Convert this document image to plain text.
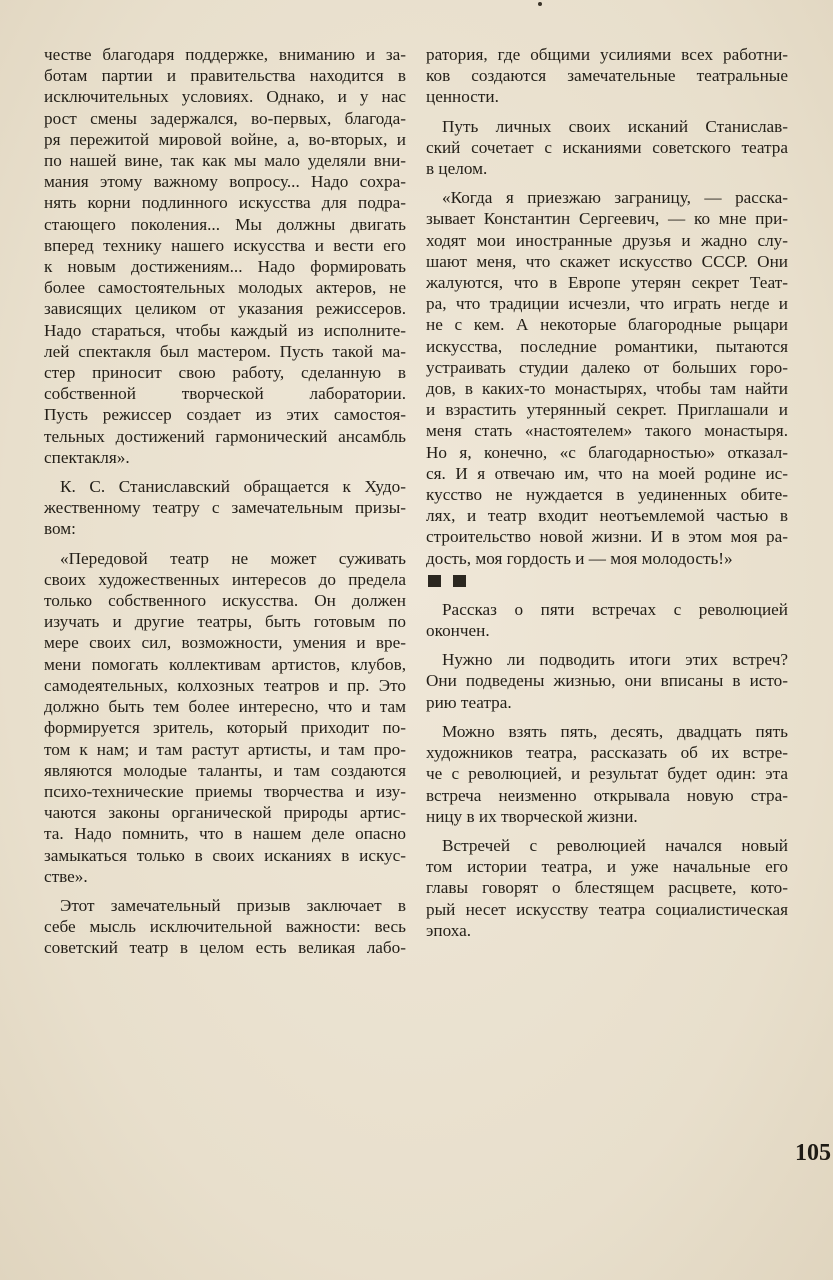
честве благодаря поддержке, вниманию и за-
ботам партии и правительства находится в
исключительных условиях. Однако, и у нас
рост смены задержался, во-первых, благода-
ря пережитой мировой войне, а, во-вторых, и
по нашей вине, так как мы мало уделяли вни-
мания этому важному вопросу... Надо сохра-
нять корни подлинного искусства для подра-
стающего поколения... Мы должны двигать
вперед технику нашего искусства и вести его
к новым достижениям... Надо формировать
более самостоятельных молодых актеров, не
зависящих целиком от указания режиссеров.
Надо стараться, чтобы каждый из исполните-
лей спектакля был мастером. Пусть такой ма-
стер приносит свою работу, сделанную в
собственной творческой лаборатории.
Пусть режиссер создает из этих самостоя-
тельных достижений гармонический ансамбль
спектакля».
К. С. Станиславский обращается к Худо-
жественному театру с замечательным призы-
вом:
«Передовой театр не может суживать
своих художественных интересов до предела
только собственного искусства. Он должен
изучать и другие театры, быть готовым по
мере своих сил, возможности, умения и вре-
мени помогать коллективам артистов, клубов,
самодеятельных, колхозных театров и пр. Это
должно быть тем более интересно, что и там
формируется зритель, который приходит по-
том к нам; и там растут артисты, и там про-
являются молодые таланты, и там создаются
психо-технические приемы творчества и изу-
чаются законы органической природы артис-
та. Надо помнить, что в нашем деле опасно
замыкаться только в своих исканиях в искус-
стве».
Этот замечательный призыв заключает в
себе мысль исключительной важности: весь
советский театр в целом есть великая лабо-
ратория, где общими усилиями всех работни-
ков создаются замечательные театральные
ценности.
Путь личных своих исканий Станислав-
ский сочетает с исканиями советского театра
в целом.
«Когда я приезжаю заграницу, — расска-
зывает Константин Сергеевич, — ко мне при-
ходят мои иностранные друзья и жадно слу-
шают меня, что скажет искусство СССР. Они
жалуются, что в Европе утерян секрет Теат-
ра, что традиции исчезли, что играть негде и
не с кем. А некоторые благородные рыцари
искусства, последние романтики, пытаются
устраивать студии далеко от больших горо-
дов, в каких-то монастырях, чтобы там найти
и взрастить утерянный секрет. Приглашали и
меня стать «настоятелем» такого монастыря.
Но я, конечно, «с благодарностью» отказал-
ся. И я отвечаю им, что на моей родине ис-
кусство не нуждается в уединенных обите-
лях, и театр входит неотъемлемой частью в
строительство новой жизни. И в этом моя ра-
дость, моя гордость и — моя молодость!»
Рассказ о пяти встречах с революцией
окончен.
Нужно ли подводить итоги этих встреч?
Они подведены жизнью, они вписаны в исто-
рию театра.
Можно взять пять, десять, двадцать пять
художников театра, рассказать об их встре-
че с революцией, и результат будет один: эта
встреча неизменно открывала новую стра-
ницу в их творческой жизни.
Встречей с революцией начался новый
том истории театра, и уже начальные его
главы говорят о блестящем расцвете, кото-
рый несет искусству театра социалистическая
эпоха.
105
